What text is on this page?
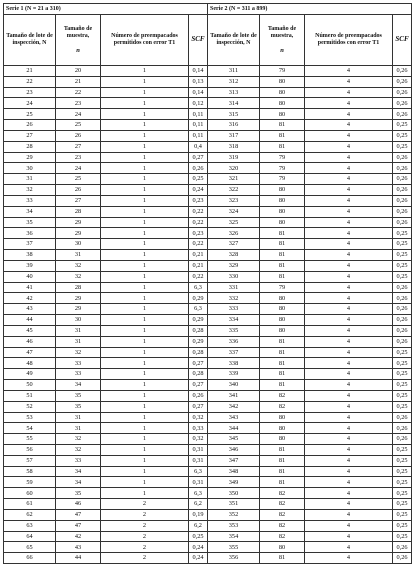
Serie 1 (N = 21 a 310)				Serie 2 (N = 311 a 899)			
Tamaño de lote de inspección, N	Tamaño de muestra,
n	Número de preempacados permitidos con error T1	SCF	Tamaño de lote de inspección, N	Tamaño de muestra,
n	Número de preempacados permitidos con error T1	SCF
21	20	1	0,14	311	79	4	0,26
22	21	1	0,13	312	80	4	0,26
23	22	1	0,14	313	80	4	0,26
24	23	1	0,12	314	80	4	0,26
25	24	1	0,11	315	80	4	0,26
26	25	1	0,11	316	81	4	0,25
27	26	1	0,11	317	81	4	0,25
28	27	1	0,4	318	81	4	0,25
29	23	1	0,27	319	79	4	0,26
30	24	1	0,26	320	79	4	0,26
31	25	1	0,25	321	79	4	0,26
32	26	1	0,24	322	80	4	0,26
33	27	1	0,23	323	80	4	0,26
34	28	1	0,22	324	80	4	0,26
35	29	1	0,22	325	80	4	0,26
36	29	1	0,23	326	81	4	0,25
37	30	1	0,22	327	81	4	0,25
38	31	1	0,21	328	81	4	0,25
39	32	1	0,21	329	81	4	0,25
40	32	1	0,22	330	81	4	0,25
41	28	1	6,3	331	79	4	0,26
42	29	1	0,29	332	80	4	0,26
43	29	1	6,3	333	80	4	0,26
44	30	1	0,29	334	80	4	0,26
45	31	1	0,28	335	80	4	0,26
46	31	1	0,29	336	81	4	0,26
47	32	1	0,28	337	81	4	0,25
48	33	1	0,27	338	81	4	0,25
49	33	1	0,28	339	81	4	0,25
50	34	1	0,27	340	81	4	0,25
51	35	1	0,26	341	82	4	0,25
52	35	1	0,27	342	82	4	0,25
53	31	1	0,32	343	80	4	0,26
54	31	1	0,33	344	80	4	0,26
55	32	1	0,32	345	80	4	0,26
56	32	1	0,31	346	81	4	0,25
57	33	1	0,31	347	81	4	0,25
58	34	1	6,3	348	81	4	0,25
59	34	1	0,31	349	81	4	0,25
60	35	1	6,3	350	82	4	0,25
61	46	2	6,2	351	82	4	0,25
62	47	2	0,19	352	82	4	0,25
63	47	2	6,2	353	82	4	0,25
64	42	2	0,25	354	82	4	0,25
65	43	2	0,24	355	80	4	0,26
66	44	2	0,24	356	81	4	0,26
